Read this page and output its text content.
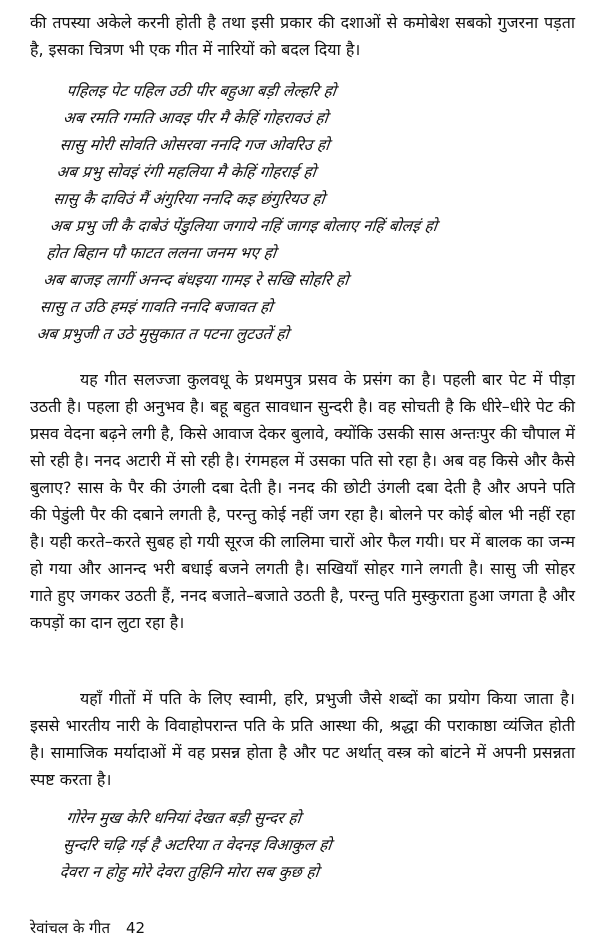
की तपस्या अकेले करनी होती है तथा इसी प्रकार की दशाओं से कमोबेश सबको गुजरना पड़ता है, इसका चित्रण भी एक गीत में नारियों को बदल दिया है।

पहिलइ पेट पहिल उठी पीर बहुआ बड़ी लेल्हरि हो
अब रमति गमति आवइ पीर मै केहिं गोहरावउं हो
सासु मोरी सोवति ओसरवा ननदि गज ओवरिउ हो
अब प्रभु सोवइं रंगी महलिया मै केहिं गोहराई हो
सासु कै दाविउं मैं अंगुरिया ननदि कइ छंगुरियउ हो
अब प्रभु जी कै दाबेउं पेंडुलिया जगाये नहिं जागइ बोलाए नहिं बोलइं हो
होत बिहान पौ फाटत ललना जनम भए हो
अब बाजइ लागीं अनन्द बंधइया गामइ रे सखि सोहरि हो
सासु त उठि हमइं गावति ननदि बजावत हो
अब प्रभुजी त उठे मुसुकात त पटना लुटउतें हो

यह गीत सलज्जा कुलवधू के प्रथमपुत्र प्रसव के प्रसंग का है। पहली बार पेट में पीड़ा उठती है। पहला ही अनुभव है। बहू बहुत सावधान सुन्दरी है। वह सोचती है कि धीरे–धीरे पेट की प्रसव वेदना बढ़ने लगी है, किसे आवाज देकर बुलावे, क्योंकि उसकी सास अन्तःपुर की चौपाल में सो रही है। ननद अटारी में सो रही है। रंगमहल में उसका पति सो रहा है। अब वह किसे और कैसे बुलाए? सास के पैर की उंगली दबा देती है। ननद की छोटी उंगली दबा देती है और अपने पति की पेडुंली पैर की दबाने लगती है, परन्तु कोई नहीं जग रहा है। बोलने पर कोई बोल भी नहीं रहा है। यही करते–करते सुबह हो गयी सूरज की लालिमा चारों ओर फैल गयी। घर में बालक का जन्म हो गया और आनन्द भरी बधाई बजने लगती है। सखियाँ सोहर गाने लगती है। सासु जी सोहर गाते हुए जगकर उठती हैं, ननद बजाते–बजाते उठती है, परन्तु पति मुस्कुराता हुआ जगता है और कपड़ों का दान लुटा रहा है।

यहाँ गीतों में पति के लिए स्वामी, हरि, प्रभुजी जैसे शब्दों का प्रयोग किया जाता है। इससे भारतीय नारी के विवाहोपरान्त पति के प्रति आस्था की, श्रद्धा की पराकाष्ठा व्यंजित होती है। सामाजिक मर्यादाओं में वह प्रसन्न होता है और पट अर्थात् वस्त्र को बांटने में अपनी प्रसन्नता स्पष्ट करता है।

गोरेन मुख केरि धनियां देखत बड़ी सुन्दर हो
सुन्दरि चढ़ि गई है अटरिया त वेदनइ विआकुल हो
देवरा न होहु मोरे देवरा तुहिनि मोरा सब कुछ हो
रेवांचल के गीत 42
